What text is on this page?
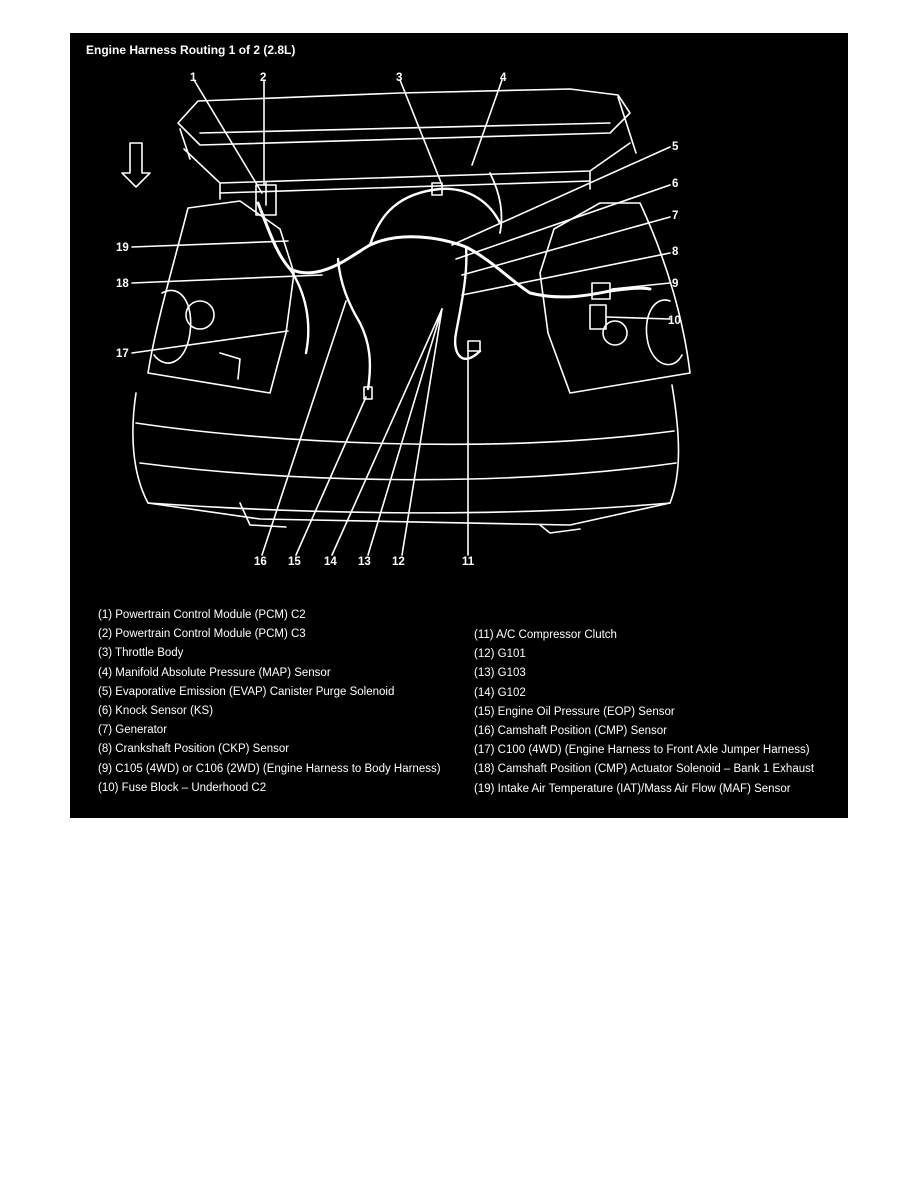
1	2	3	4
5
6
7
8
9
10
11
12
13
14
15
16
17
18
19
Engine Harness Routing 1 of 2 (2.8L)
(1) Powertrain Control Module (PCM) C2
(2) Powertrain Control Module (PCM) C3
(3) Throttle Body
(4) Manifold Absolute Pressure (MAP) Sensor
(5) Evaporative Emission (EVAP) Canister Purge Solenoid
(6) Knock Sensor (KS)
(7) Generator
(8) Crankshaft Position (CKP) Sensor
(9) C105 (4WD) or C106 (2WD) (Engine Harness to Body Harness)
(10) Fuse Block – Underhood C2
(11) A/C Compressor Clutch
(12) G101
(13) G103
(14) G102
(15) Engine Oil Pressure (EOP) Sensor
(16) Camshaft Position (CMP) Sensor
(17) C100 (4WD) (Engine Harness to Front Axle Jumper Harness)
(18) Camshaft Position (CMP) Actuator Solenoid – Bank 1 Exhaust
(19) Intake Air Temperature (IAT)/Mass Air Flow (MAF) Sensor
